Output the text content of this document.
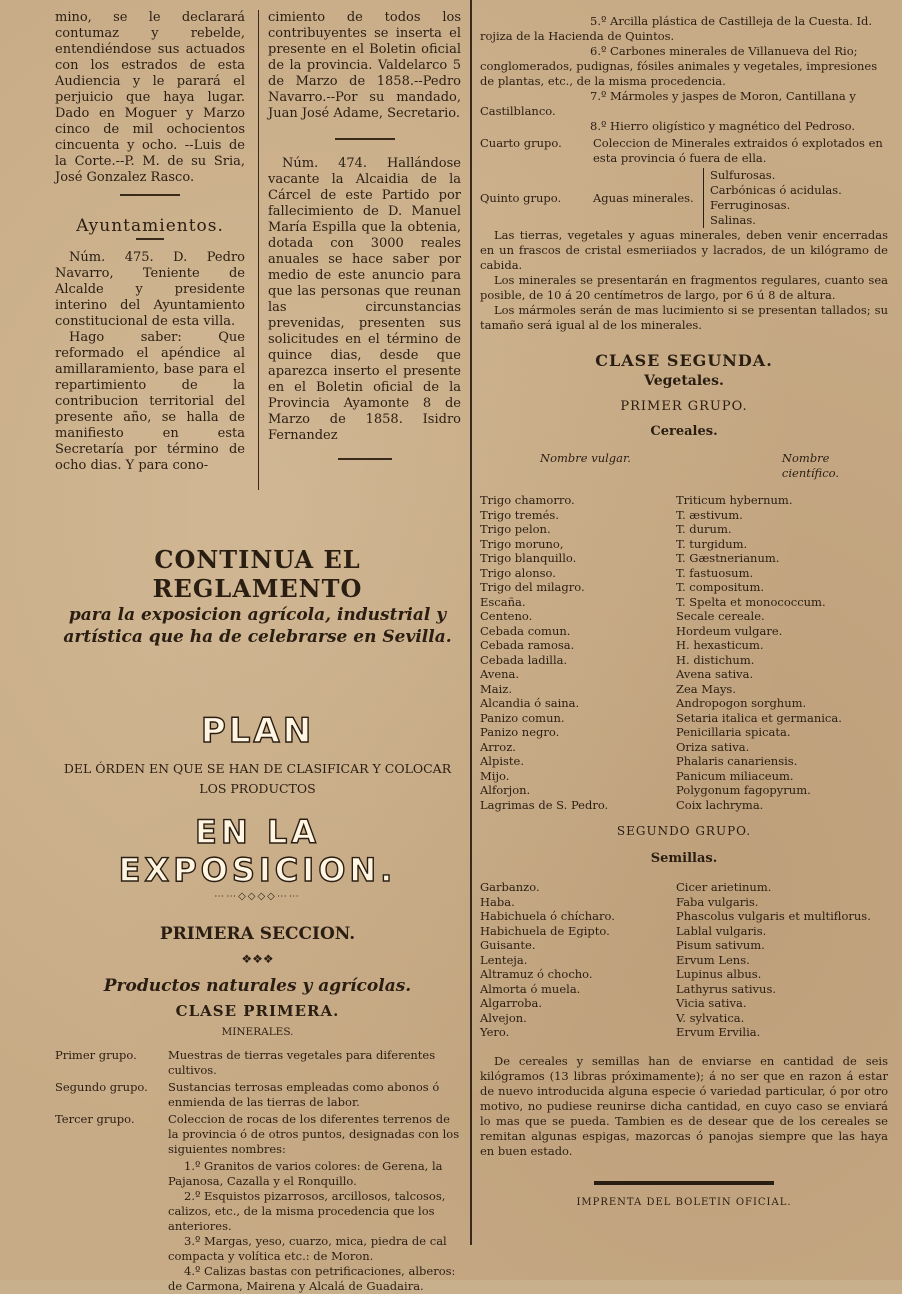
mino, se le declarará contumaz y rebelde, entendiéndose sus actuados con los estrados de esta Audiencia y le parará el perjuicio que haya lugar. Dado en Moguer y Marzo cinco de mil ochocientos cincuenta y ocho. --Luis de la Corte.--P. M. de su Sria, José Gonzalez Rasco.

Ayuntamientos.

Núm. 475. D. Pedro Navarro, Teniente de Alcalde y presidente interino del Ayuntamiento constitucional de esta villa.

Hago saber: Que reformado el apéndice al amillaramiento, base para el repartimiento de la contribucion territorial del presente año, se halla de manifiesto en esta Secretaría por término de ocho dias. Y para cono-

cimiento de todos los contribuyentes se inserta el presente en el Boletin oficial de la provincia. Valdelarco 5 de Marzo de 1858.--Pedro Navarro.--Por su mandado, Juan José Adame, Secretario.

Núm. 474. Hallándose vacante la Alcaidia de la Cárcel de este Partido por fallecimiento de D. Manuel María Espilla que la obtenia, dotada con 3000 reales anuales se hace saber por medio de este anuncio para que las personas que reunan las circunstancias prevenidas, presenten sus solicitudes en el término de quince dias, desde que aparezca inserto el presente en el Boletin oficial de la Provincia Ayamonte 8 de Marzo de 1858. Isidro Fernandez

CONTINUA EL REGLAMENTO

para la exposicion agrícola, industrial y

artística que ha de celebrarse en Sevilla.

PLAN

DEL ÓRDEN EN QUE SE HAN DE CLASIFICAR Y COLOCAR

LOS PRODUCTOS

EN LA EXPOSICION.

⋯⋯◇◇◇◇⋯⋯

PRIMERA SECCION.

❖❖❖

Productos naturales y agrícolas.

CLASE PRIMERA.

MINERALES.

Primer grupo.	Muestras de tierras vegetales para diferentes cultivos.
Segundo grupo.	Sustancias terrosas empleadas como abonos ó enmienda de las tierras de labor.
Tercer grupo.	Coleccion de rocas de los diferentes terrenos de la provincia ó de otros puntos, designadas con los siguientes nombres:

1.º Granitos de varios colores: de Gerena, la Pajanosa, Cazalla y el Ronquillo.

2.º Esquistos pizarrosos, arcillosos, talcosos, calizos, etc., de la misma procedencia que los anteriores.

3.º Margas, yeso, cuarzo, mica, piedra de cal compacta y volítica etc.: de Moron.

4.º Calizas bastas con petrificaciones, alberos: de Carmona, Mairena y Alcalá de Guadaira.

5.º Arcilla plástica de Castilleja de la Cuesta. Id. rojiza de la Hacienda de Quintos.

6.º Carbones minerales de Villanueva del Rio; conglomerados, pudignas, fósiles animales y vegetales, impresiones de plantas, etc., de la misma procedencia.

7.º Mármoles y jaspes de Moron, Cantillana y Castilblanco.

8.º Hierro oligístico y magnético del Pedroso.

Cuarto grupo.	Coleccion de Minerales extraidos ó explotados en esta provincia ó fuera de ella.
Quinto grupo.	Aguas minerales.
Sulfurosas.
Carbónicas ó acidulas.
Ferruginosas.
Salinas.

Las tierras, vegetales y aguas minerales, deben venir encerradas en un frascos de cristal esmeriiados y lacrados, de un kilógramo de cabida.

Los minerales se presentarán en fragmentos regulares, cuanto sea posible, de 10 á 20 centímetros de largo, por 6 ú 8 de altura.

Los mármoles serán de mas lucimiento si se presentan tallados; su tamaño será igual al de los minerales.

CLASE SEGUNDA.

Vegetales.

PRIMER GRUPO.

Cereales.

Nombre vulgar.	Nombre científico.
Trigo chamorro.	Triticum hybernum.
Trigo tremés.	T. æstivum.
Trigo pelon.	T. durum.
Trigo moruno,	T. turgidum.
Trigo blanquillo.	T. Gæstnerianum.
Trigo alonso.	T. fastuosum.
Trigo del milagro.	T. compositum.
Escaña.	T. Spelta et monococcum.
Centeno.	Secale cereale.
Cebada comun.	Hordeum vulgare.
Cebada ramosa.	H. hexasticum.
Cebada ladilla.	H. distichum.
Avena.	Avena sativa.
Maiz.	Zea Mays.
Alcandia ó saina.	Andropogon sorghum.
Panizo comun.	Setaria italica et germanica.
Panizo negro.	Penicillaria spicata.
Arroz.	Oriza sativa.
Alpiste.	Phalaris canariensis.
Mijo.	Panicum miliaceum.
Alforjon.	Polygonum fagopyrum.
Lagrimas de S. Pedro.	Coix lachryma.

SEGUNDO GRUPO.

Semillas.

Garbanzo.	Cicer arietinum.
Haba.	Faba vulgaris.
Habichuela ó chícharo.	Phascolus vulgaris et multiflorus.
Habichuela de Egipto.	Lablal vulgaris.
Guisante.	Pisum sativum.
Lenteja.	Ervum Lens.
Altramuz ó chocho.	Lupinus albus.
Almorta ó muela.	Lathyrus sativus.
Algarroba.	Vicia sativa.
Alvejon.	V. sylvatica.
Yero.	Ervum Ervilia.

De cereales y semillas han de enviarse en cantidad de seis kilógramos (13 libras próximamente); á no ser que en razon á estar de nuevo introducida alguna especie ó variedad particular, ó por otro motivo, no pudiese reunirse dicha cantidad, en cuyo caso se enviará lo mas que se pueda. Tambien es de desear que de los cereales se remitan algunas espigas, mazorcas ó panojas siempre que las haya en buen estado.

IMPRENTA DEL BOLETIN OFICIAL.
